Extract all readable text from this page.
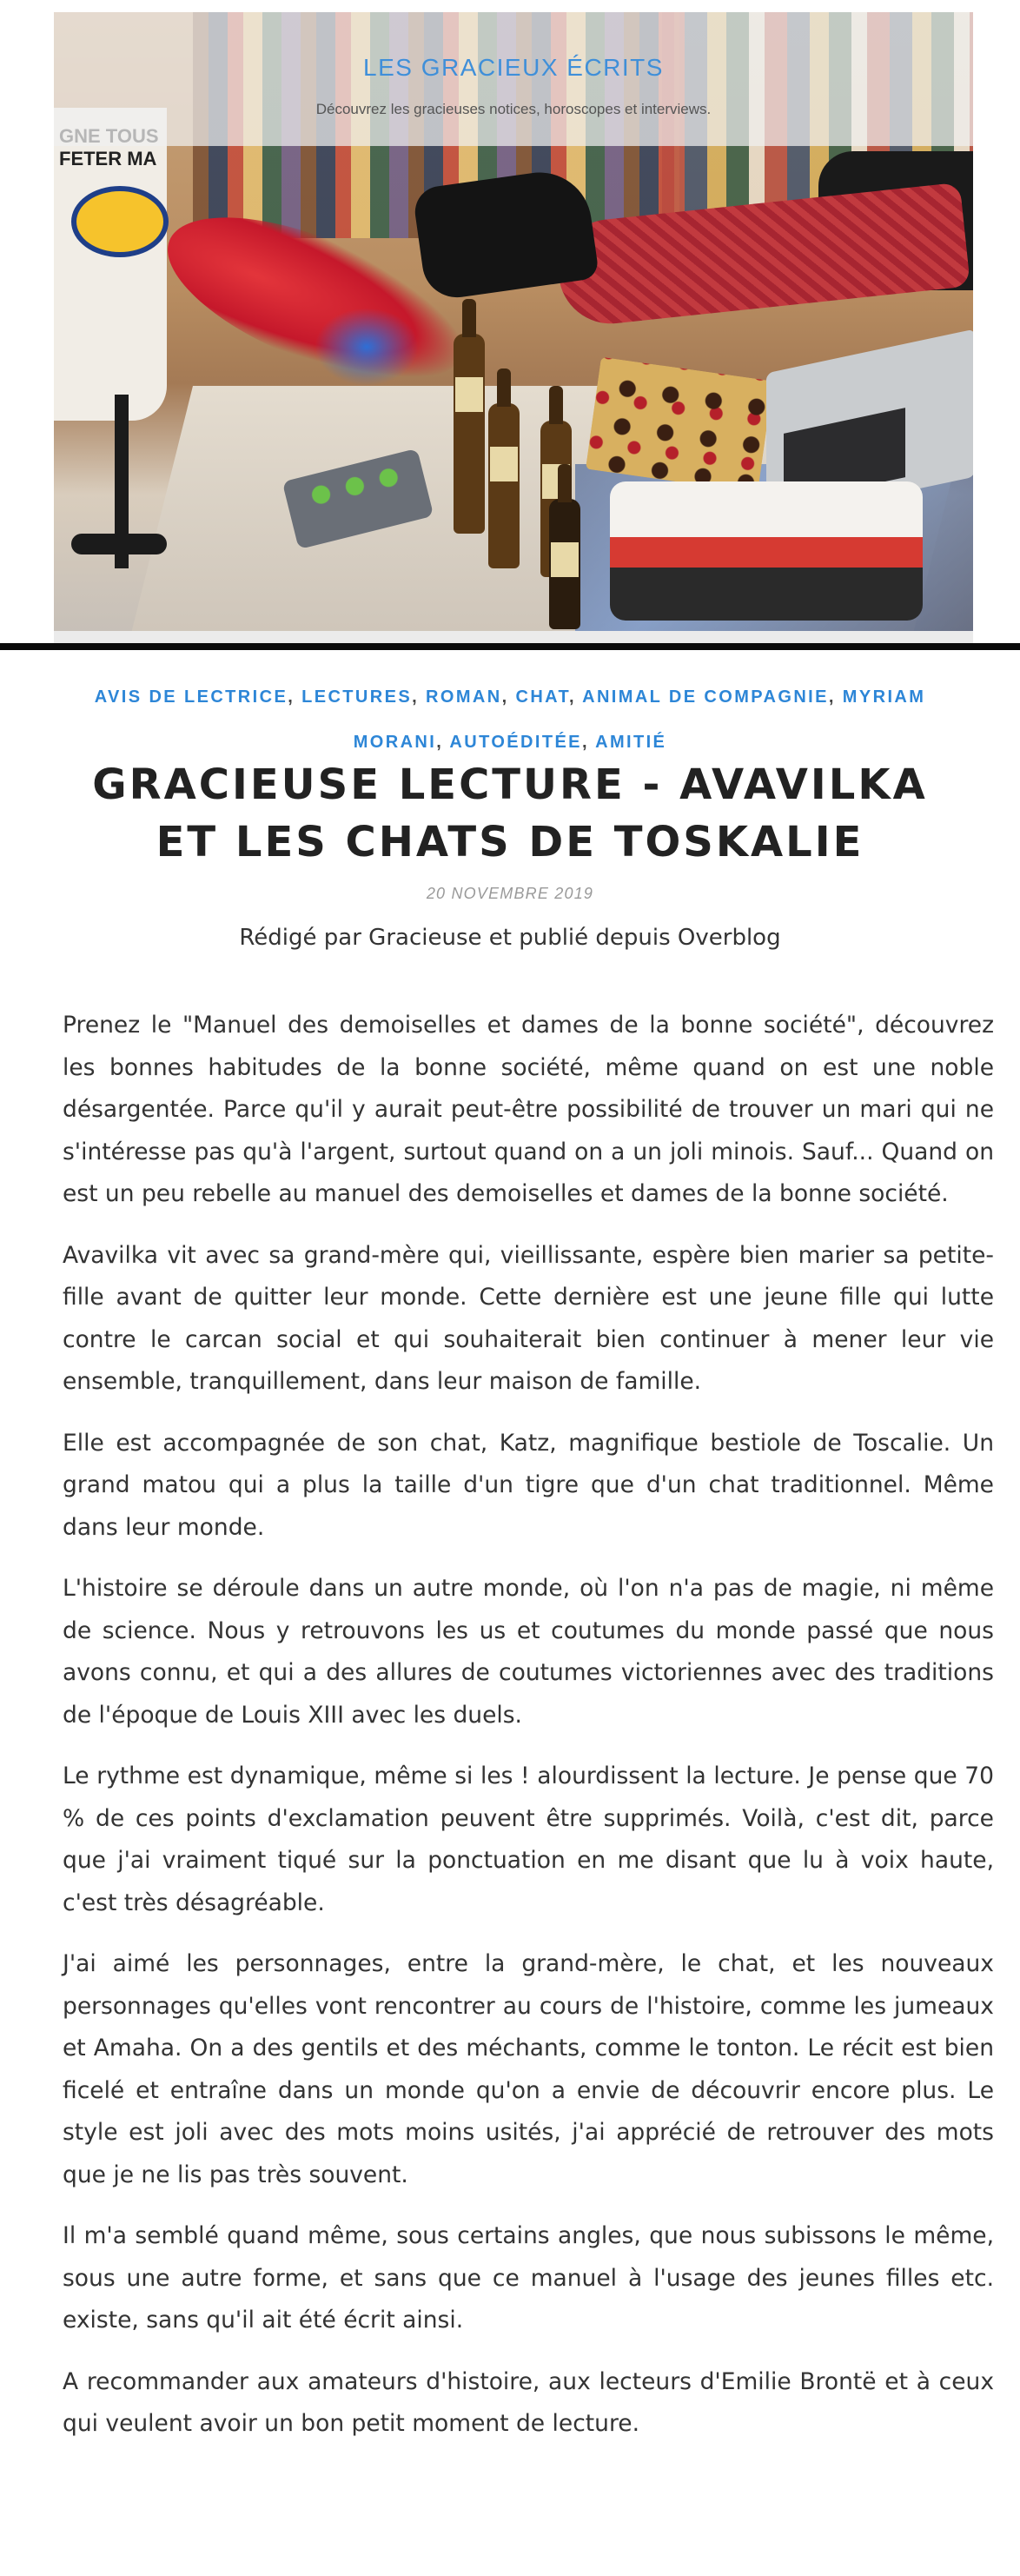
FETER MA
LES GRACIEUX ÉCRITS
Découvrez les gracieuses notices, horoscopes et interviews.
AVIS DE LECTRICE, LECTURES, ROMAN, CHAT, ANIMAL DE COMPAGNIE, MYRIAM MORANI, AUTOÉDITÉE, AMITIÉ
GRACIEUSE LECTURE - AVAVILKA ET LES CHATS DE TOSKALIE
20 NOVEMBRE 2019
Rédigé par Gracieuse et publié depuis Overblog

Prenez le "Manuel des demoiselles et dames de la bonne société", découvrez les bonnes habitudes de la bonne société, même quand on est une noble désargentée. Parce qu'il y aurait peut-être possibilité de trouver un mari qui ne s'intéresse pas qu'à l'argent, surtout quand on a un joli minois. Sauf... Quand on est un peu rebelle au manuel des demoiselles et dames de la bonne société.

Avavilka vit avec sa grand-mère qui, vieillissante, espère bien marier sa petite-fille avant de quitter leur monde. Cette dernière est une jeune fille qui lutte contre le carcan social et qui souhaiterait bien continuer à mener leur vie ensemble, tranquillement, dans leur maison de famille.

Elle est accompagnée de son chat, Katz, magnifique bestiole de Toscalie. Un grand matou qui a plus la taille d'un tigre que d'un chat traditionnel. Même dans leur monde.

L'histoire se déroule dans un autre monde, où l'on n'a pas de magie, ni même de science. Nous y retrouvons les us et coutumes du monde passé que nous avons connu, et qui a des allures de coutumes victoriennes avec des traditions de l'époque de Louis XIII avec les duels.

Le rythme est dynamique, même si les ! alourdissent la lecture. Je pense que 70 % de ces points d'exclamation peuvent être supprimés. Voilà, c'est dit, parce que j'ai vraiment tiqué sur la ponctuation en me disant que lu à voix haute, c'est très désagréable.

J'ai aimé les personnages, entre la grand-mère, le chat, et les nouveaux personnages qu'elles vont rencontrer au cours de l'histoire, comme les jumeaux et Amaha. On a des gentils et des méchants, comme le tonton. Le récit est bien ficelé et entraîne dans un monde qu'on a envie de découvrir encore plus. Le style est joli avec des mots moins usités, j'ai apprécié de retrouver des mots que je ne lis pas très souvent.

Il m'a semblé quand même, sous certains angles, que nous subissons le même, sous une autre forme, et sans que ce manuel à l'usage des jeunes filles etc. existe, sans qu'il ait été écrit ainsi.

A recommander aux amateurs d'histoire, aux lecteurs d'Emilie Brontë et à ceux qui veulent avoir un bon petit moment de lecture.
